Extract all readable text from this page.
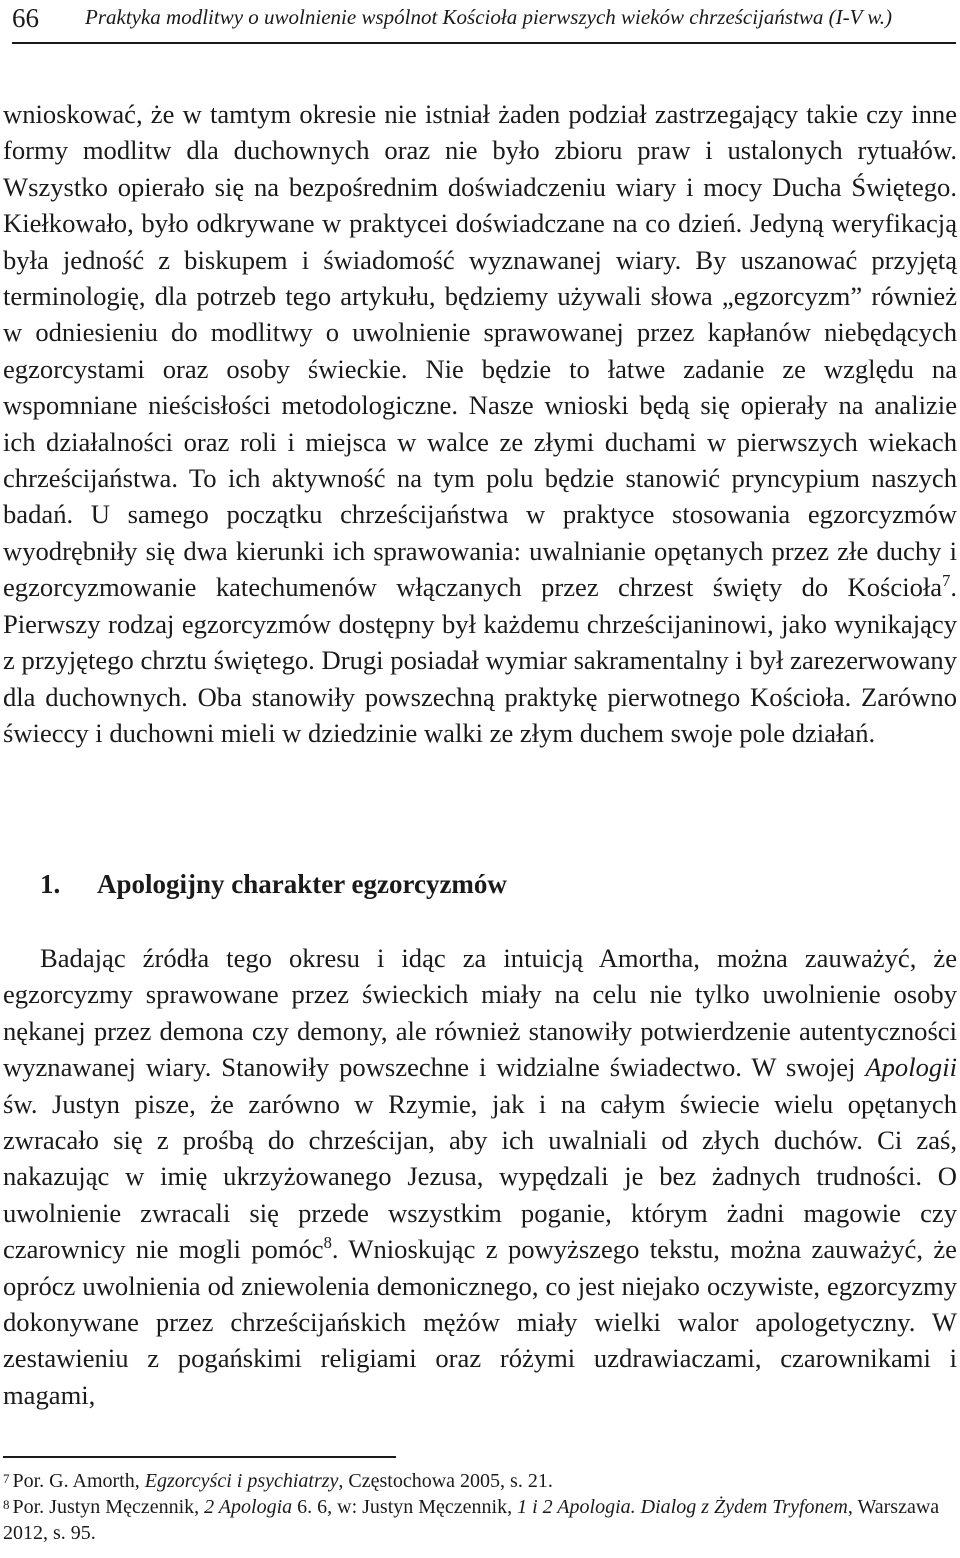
66 Praktyka modlitwy o uwolnienie wspólnot Kościoła pierwszych wieków chrześcijaństwa (I-V w.)

wnioskować, że w tamtym okresie nie istniał żaden podział zastrzegający takie czy inne formy modlitw dla duchownych oraz nie było zbioru praw i ustalonych rytuałów. Wszystko opierało się na bezpośrednim doświadczeniu wiary i mocy Ducha Świętego. Kiełkowało, było odkrywane w praktycei doświadczane na co dzień. Jedyną weryfikacją była jedność z biskupem i świadomość wyznawanej wiary. By uszanować przyjętą terminologię, dla potrzeb tego artykułu, będziemy używali słowa „egzorcyzm” również w odniesieniu do modlitwy o uwolnienie sprawowanej przez kapłanów niebędących egzorcystami oraz osoby świeckie. Nie będzie to łatwe zadanie ze względu na wspomniane nieścisłości metodologiczne. Nasze wnioski będą się opierały na analizie ich działalności oraz roli i miejsca w walce ze złymi duchami w pierwszych wiekach chrześcijaństwa. To ich aktywność na tym polu będzie stanowić pryncypium naszych badań. U samego początku chrześcijaństwa w praktyce stosowania egzorcyzmów wyodrębniły się dwa kierunki ich sprawowania: uwalnianie opętanych przez złe duchy i egzorcyzmowanie katechumenów włączanych przez chrzest święty do Kościoła$^7$. Pierwszy rodzaj egzorcyzmów dostępny był każdemu chrześcijaninowi, jako wynikający z przyjętego chrztu świętego. Drugi posiadał wymiar sakramentalny i był zarezerwowany dla duchownych. Oba stanowiły powszechną praktykę pierwotnego Kościoła. Zarówno świeccy i duchowni mieli w dziedzinie walki ze złym duchem swoje pole działań.

1. Apologijny charakter egzorcyzmów

Badając źródła tego okresu i idąc za intuicją Amortha, można zauważyć, że egzorcyzmy sprawowane przez świeckich miały na celu nie tylko uwolnienie osoby nękanej przez demona czy demony, ale również stanowiły potwierdzenie autentyczności wyznawanej wiary. Stanowiły powszechne i widzialne świadectwo. W swojej Apologii św. Justyn pisze, że zarówno w Rzymie, jak i na całym świecie wielu opętanych zwracało się z prośbą do chrześcijan, aby ich uwalniali od złych duchów. Ci zaś, nakazując w imię ukrzyżowanego Jezusa, wypędzali je bez żadnych trudności. O uwolnienie zwracali się przede wszystkim poganie, którym żadni magowie czy czarownicy nie mogli pomóc$^8$. Wnioskując z powyższego tekstu, można zauważyć, że oprócz uwolnienia od zniewolenia demonicznego, co jest niejako oczywiste, egzorcyzmy dokonywane przez chrześcijańskich mężów miały wielki walor apologetyczny. W zestawieniu z pogańskimi religiami oraz różymi uzdrawiaczami, czarownikami i magami,

$^7$ Por. G. Amorth, Egzorcyści i psychiatrzy, Częstochowa 2005, s. 21.

$^8$ Por. Justyn Męczennik, 2 Apologia 6. 6, w: Justyn Męczennik, 1 i 2 Apologia. Dialog z Żydem Tryfonem, Warszawa 2012, s. 95.
